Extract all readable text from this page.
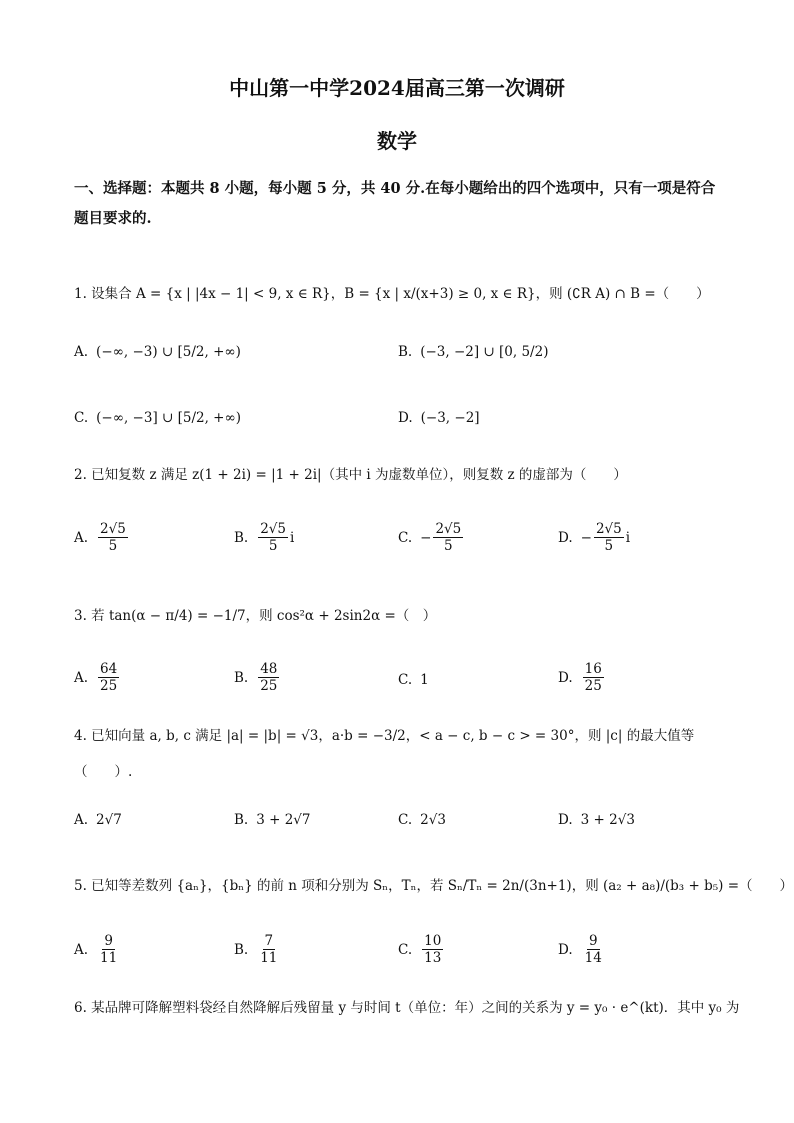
中山第一中学2024届高三第一次调研
数学
一、选择题：本题共 8 小题，每小题 5 分，共 40 分.在每小题给出的四个选项中，只有一项是符合题目要求的.
1. 设集合 A = {x | |4x − 1| < 9, x ∈ R}，B = {x | x/(x+3) ≥ 0, x ∈ R}，则 (∁R A) ∩ B =（　　）
A. (−∞, −3) ∪ [5/2, +∞)	B. (−3, −2] ∪ [0, 5/2)
C. (−∞, −3] ∪ [5/2, +∞)	D. (−3, −2]
2. 已知复数 z 满足 z(1 + 2i) = |1 + 2i|（其中 i 为虚数单位），则复数 z 的虚部为（　　）
A. $\frac{2√5}{5}$	B. $\frac{2√5}{5}$ i	C. − $\frac{2√5}{5}$	D. − $\frac{2√5}{5}$ i
3. 若 tan(α − π/4) = −1/7，则 cos²α + 2sin2α =（　）
A. $\frac{64}{25}$	B. $\frac{48}{25}$	C. 1	D. $\frac{16}{25}$
4. 已知向量 a, b, c 满足 |a| = |b| = √3，a·b = −3/2，< a − c, b − c > = 30°，则 |c| 的最大值等
（　　）.
A. 2√7	B. 3 + 2√7	C. 2√3	D. 3 + 2√3
5. 已知等差数列 {aₙ}，{bₙ} 的前 n 项和分别为 Sₙ，Tₙ，若 Sₙ/Tₙ = 2n/(3n+1)，则 (a₂ + a₈)/(b₃ + b₅) =（　　）
A. $\frac{9}{11}$	B. $\frac{7}{11}$	C. $\frac{10}{13}$	D. $\frac{9}{14}$
6. 某品牌可降解塑料袋经自然降解后残留量 y 与时间 t（单位：年）之间的关系为 y = y₀ · e^(kt)．其中 y₀ 为
